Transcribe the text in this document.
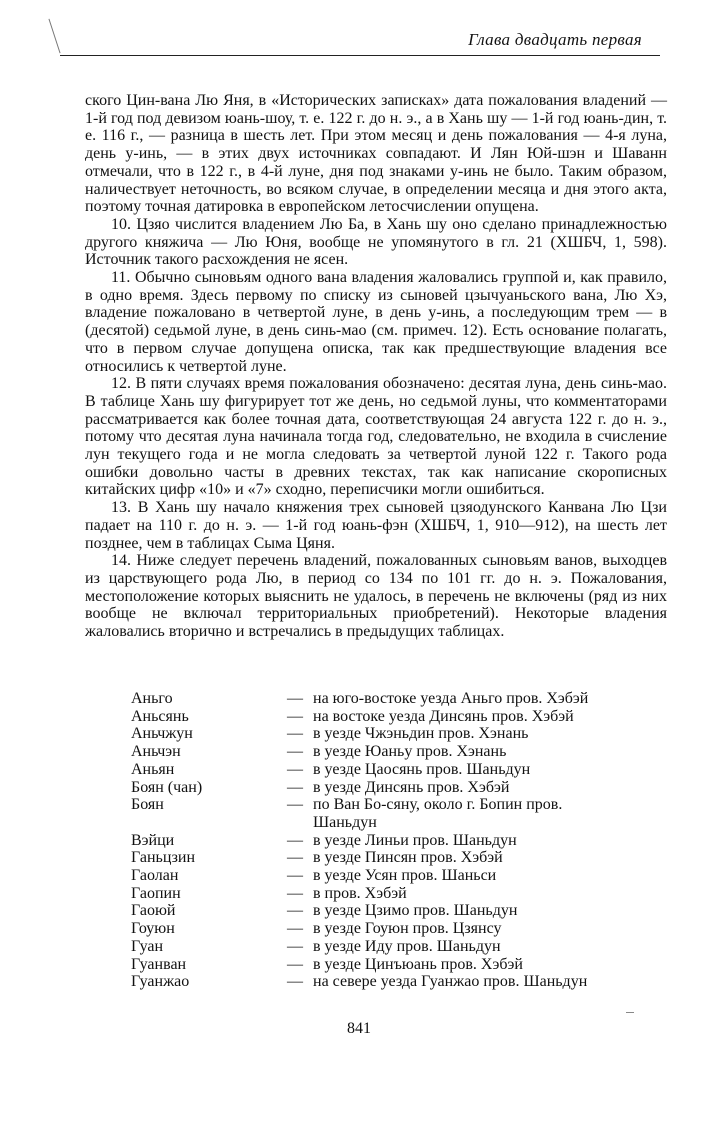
Глава двадцать первая

ского Цин-вана Лю Яня, в «Исторических записках» дата пожалования владений — 1-й год под девизом юань-шоу, т. е. 122 г. до н. э., а в Хань шу — 1-й год юань-дин, т. е. 116 г., — разница в шесть лет. При этом месяц и день пожалования — 4-я луна, день у-инь, — в этих двух источниках совпадают. И Лян Юй-шэн и Шаванн отмечали, что в 122 г., в 4-й луне, дня под знаками у-инь не было. Таким образом, наличествует неточность, во всяком случае, в определении месяца и дня этого акта, поэтому точная датировка в европейском летосчислении опущена.

10. Цзяо числится владением Лю Ба, в Хань шу оно сделано принадлежностью другого княжича — Лю Юня, вообще не упомянутого в гл. 21 (ХШБЧ, 1, 598). Источник такого расхождения не ясен.

11. Обычно сыновьям одного вана владения жаловались группой и, как правило, в одно время. Здесь первому по списку из сыновей цзычуаньского вана, Лю Хэ, владение пожаловано в четвертой луне, в день у-инь, а последующим трем — в (десятой) седьмой луне, в день синь-мао (см. примеч. 12). Есть основание полагать, что в первом случае допущена описка, так как предшествующие владения все относились к четвертой луне.

12. В пяти случаях время пожалования обозначено: десятая луна, день синь-мао. В таблице Хань шу фигурирует тот же день, но седьмой луны, что комментаторами рассматривается как более точная дата, соответствующая 24 августа 122 г. до н. э., потому что десятая луна начинала тогда год, следовательно, не входила в счисление лун текущего года и не могла следовать за четвертой луной 122 г. Такого рода ошибки довольно часты в древних текстах, так как написание скорописных китайских цифр «10» и «7» сходно, переписчики могли ошибиться.

13. В Хань шу начало княжения трех сыновей цзяодунского Канвана Лю Цзи падает на 110 г. до н. э. — 1-й год юань-фэн (ХШБЧ, 1, 910—912), на шесть лет позднее, чем в таблицах Сыма Цяня.

14. Ниже следует перечень владений, пожалованных сыновьям ванов, выходцев из царствующего рода Лю, в период со 134 по 101 гг. до н. э. Пожалования, местоположение которых выяснить не удалось, в перечень не включены (ряд из них вообще не включал территориальных приобретений). Некоторые владения жаловались вторично и встречались в предыдущих таблицах.

Аньго	— на юго-востоке уезда Аньго пров. Хэбэй
Аньсянь	— на востоке уезда Динсянь пров. Хэбэй
Аньчжун	— в уезде Чжэньдин пров. Хэнань
Аньчэн	— в уезде Юаньу пров. Хэнань
Аньян	— в уезде Цаосянь пров. Шаньдун
Боян (чан)	— в уезде Динсянь пров. Хэбэй
Боян	— по Ван Бо-сяну, около г. Бопин пров. Шаньдун
Вэйци	— в уезде Линьи пров. Шаньдун
Ганьцзин	— в уезде Пинсян пров. Хэбэй
Гаолан	— в уезде Усян пров. Шаньси
Гаопин	— в пров. Хэбэй
Гаоюй	— в уезде Цзимо пров. Шаньдун
Гоуюн	— в уезде Гоуюн пров. Цзянсу
Гуан	— в уезде Иду пров. Шаньдун
Гуанван	— в уезде Цинъюань пров. Хэбэй
Гуанжао	— на севере уезда Гуанжао пров. Шаньдун
841
